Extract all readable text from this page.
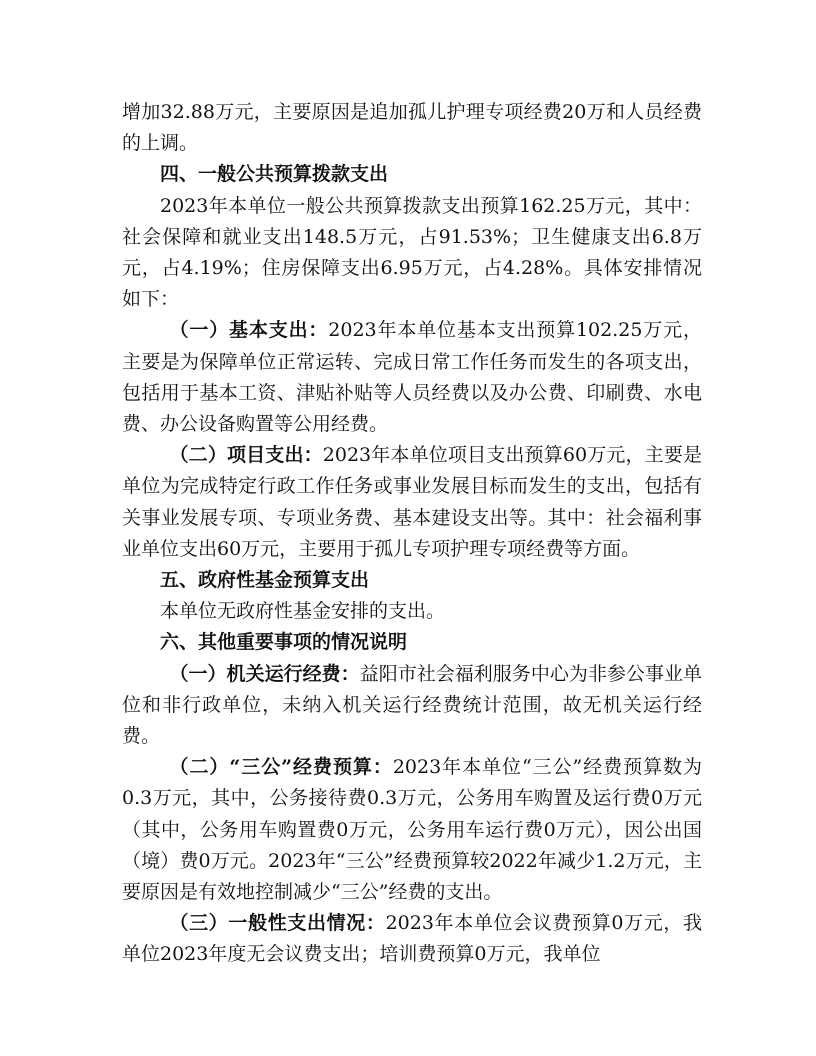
增加32.88万元，主要原因是追加孤儿护理专项经费20万和人员经费的上调。

四、一般公共预算拨款支出

2023年本单位一般公共预算拨款支出预算162.25万元，其中：社会保障和就业支出148.5万元，占91.53%；卫生健康支出6.8万元，占4.19%；住房保障支出6.95万元，占4.28%。具体安排情况如下：

（一）基本支出：2023年本单位基本支出预算102.25万元，主要是为保障单位正常运转、完成日常工作任务而发生的各项支出，包括用于基本工资、津贴补贴等人员经费以及办公费、印刷费、水电费、办公设备购置等公用经费。

（二）项目支出：2023年本单位项目支出预算60万元，主要是单位为完成特定行政工作任务或事业发展目标而发生的支出，包括有关事业发展专项、专项业务费、基本建设支出等。其中：社会福利事业单位支出60万元，主要用于孤儿专项护理专项经费等方面。

五、政府性基金预算支出

本单位无政府性基金安排的支出。

六、其他重要事项的情况说明

（一）机关运行经费：益阳市社会福利服务中心为非参公事业单位和非行政单位，未纳入机关运行经费统计范围，故无机关运行经费。

（二）“三公”经费预算：2023年本单位“三公”经费预算数为0.3万元，其中，公务接待费0.3万元，公务用车购置及运行费0万元（其中，公务用车购置费0万元，公务用车运行费0万元），因公出国（境）费0万元。2023年“三公”经费预算较2022年减少1.2万元，主要原因是有效地控制减少“三公”经费的支出。

（三）一般性支出情况：2023年本单位会议费预算0万元，我单位2023年度无会议费支出；培训费预算0万元，我单位
